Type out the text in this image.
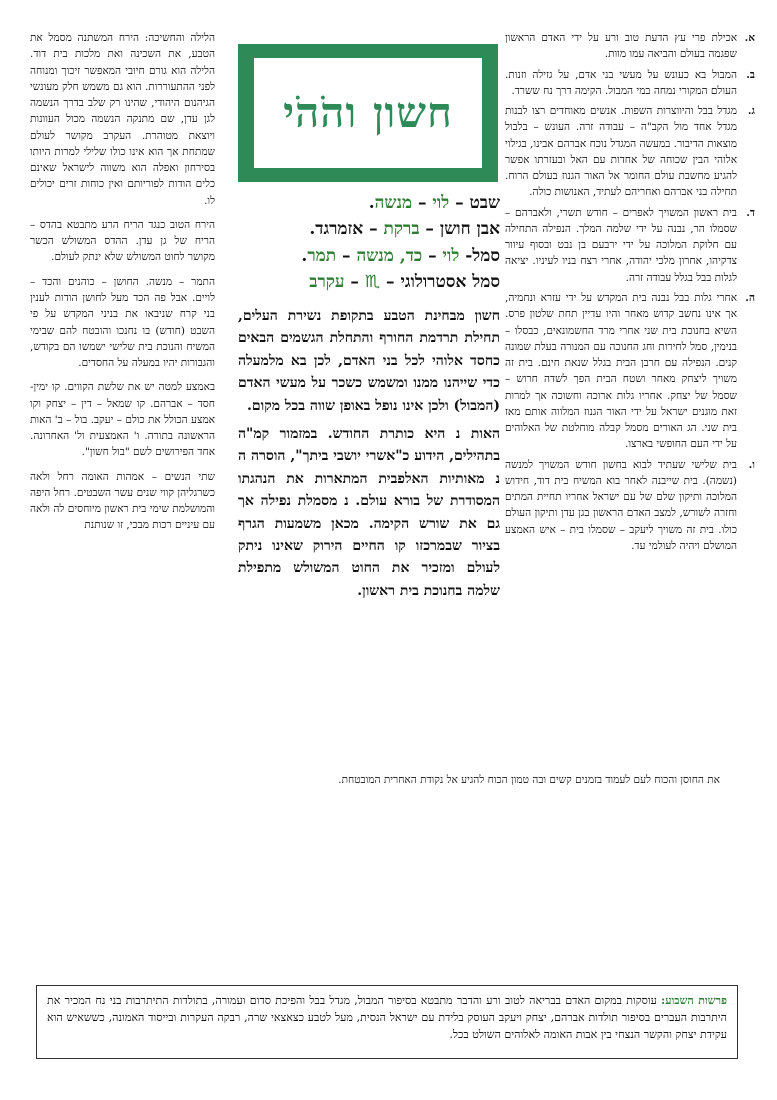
א.
אכילת פרי עץ הדעת טוב ורע על ידי האדם הראשון שפגמה בעולם והביאה עמו מוות.
ב.
המבול בא כעונש על מעשי בני אדם, על גזילה וזנות. העולם המקורי נמחה במי המבול. הקימה דרך נח ששרד.
ג.
מגדל בבל והיווצרות השפות. אנשים מאוחדים רצו לבנות מגדל אחד מול הקב"ה – עבודה זרה. העונש – בלבול מוצאות הדיבור. במעשה המגדל נוכח אברהם אבינו, בגילוי אלוהי הבין שכוחה של אחדות עם האל ובעזרתו אפשר להגיע מחשבת עולם החומר אל האור הגנוז בעולם הרוח. תחילה בני אברהם ואחריהם לעתיד, האנושות כולה.
ד.
בית ראשון המשויך לאפרים – חודש תשרי, ולאברהם – שסמלו הר, נבנה על ידי שלמה המלך. הנפילה התחילה עם חלוקת המלוכה על ידי ירבעם בן נבט ובסוף עיוור צדקיהו, אחרון מלכי יהודה, אחרי רצח בניו לעיניו. יציאה לגלות בבל בגלל עבודה זרה.
ה.
אחרי גלות בבל נבנה בית המקדש על ידי עזרא ונחמיה, אך אינו נחשב קדוש מאחר והיו עדיין תחת שלטון פרס. השיא בחנוכת בית שני אחרי מרד החשמונאים, כבסלו – בנימין, סמל לחירות וחג החנוכה עם המנורה בעלת שמונה קנים. הנפילה עם חרבן הבית בגלל שנאת חינם. בית זה משויך ליצחק מאחר ושטח הבית הפך לשדה חרוש – שסמל של יצחק. אחריו גלות ארוכה וחשוכה אך למרות זאת מוגנים ישראל על ידי האור הגנוז המלווה אותם מאז בית שני. הג האורים מסמל קבלה מוחלטת של האלוהים על ידי העם החופשי בארצו.
ו.
בית שלישי שעתיד לבוא בחשון חודש המשויך למנשה (נשמה). בית שייבנה לאחר בוא המשיח בית דוד, חידוש המלוכה ותיקון שלם של עם ישראל אחריו תחיית המתים וחזרה לשורש, למצב האדם הראשון בגן עדן ותיקון העולם כולו. בית זה משויך ליעקב – שסמלו בית – איש האמצע המושלם ויהיה לעולמי עד.

הלילה והחשיכה: הירח המשתנה מסמל את הטבע, את השכינה ואת מלכות בית דוד. הלילה הוא גורם חיובי המאפשר זיכוך ומנוחה לפני ההתעוררות. הוא גם משמש חלק מעונשי הגיהנום היהודי, שהינו רק שלב בדרך הנשמה לגן עדן, שם מתנקה הנשמה מכול העוונות ויוצאת מטוהרת. העקרב מקושר לעולם שמתחת אך הוא אינו כולו שלילי למרות היותו בסירחון ואפלה הוא משווה לישראל שאינם כלים הודות לפוריותם ואין כוחות זרים יכולים לו.

הירח הטוב כנגד הריח הרע מתבטא בהדס – הריח של גן עדן. ההדס המשולש הכשר מקושר לחוט המשולש שלא ינתק לעולם.

התמר – מנשה. החושן – כוהנים והכד – לויים. אבל פה הכד מעל לחושן הודות לענין בני קרח שניבאו את בניני המקדש על פי השבט (חודש) בו נחנכו והובטח להם שבימי המשיח והנוכת בית שלישי ישמשו הם בקודש, והגבורות יהיו במעלה על החסדים.

באמצע למטה יש את שלשת הקווים. קו ימין- חסד – אברהם. קו שמאל – דין – יצחק וקו אמצע הכולל את כולם – יעקב. בול – ב' האות הראשונה בתורה. ו' האמצעית ול' האחרונה. אחד הפירושים לשם "בול חשון".

שתי הנשים – אמהות האומה רחל ולאה כשרגליהן קווי שנים עשר השבטים. רחל היפה והמושלמת שימי בית ראשון מיוחסים לה ולאה עם עיניים רכות מבכי, זו שנותנת

חשון והֹהֹי
שבט – לוי – מנשה.
אבן חושן – ברקת – אזמרגד.
סמל- לוי – כד, מנשה – תמר.
סמל אסטרולוגי – ♏ – עקרב

חשון מבחינת הטבע בתקופת נשירת העלים, תחילת תרדמת החורף והתחלת הגשמים הבאים כחסד אלוהי לכל בני האדם, לכן בא מלמעלה כדי שייהנו ממנו ומשמש כשכר על מעשי האדם (המבול) ולכן אינו נופל באופן שווה בכל מקום.

האות נ היא כותרת החודש. במזמור קמ"ה בתהילים, הידוע כ"אשרי יושבי ביתך", הוסרה ה נ מאותיות האלפבית המתארות את הנהגתו המסודרת של בורא עולם. נ מסמלת נפילה אך גם את שורש הקימה. מכאן משמעות הגרף בציור שבמרכזו קו החיים הירוק שאינו ניתק לעולם ומזכיר את החוט המשולש מתפילת שלמה בחנוכת בית ראשון.

את החוסן והכוח לעם לעמוד בזמנים קשים ובה טמון הכוח להגיע אל נקודת האחרית המובטחת.
פרשות השבוע: עוסקות במקום האדם בבריאה לטוב ורע והדבר מתבטא בסיפור המבול, מגדל בבל והפיכת סדום ועמורה, בתולדות התיתרבות בני נח המכיר את היתרבות העברים בסיפור תולדות אברהם, יצחק ויעקב העוסק בלידת עם ישראל הנסית, מעל לטבע כצאצאי שרה, רבקה העקרות ובייסוד האמונה, כששאיש הוא עקידת יצחק והקשר הנצחי בין אבות האומה לאלוהים השולט בכל.
